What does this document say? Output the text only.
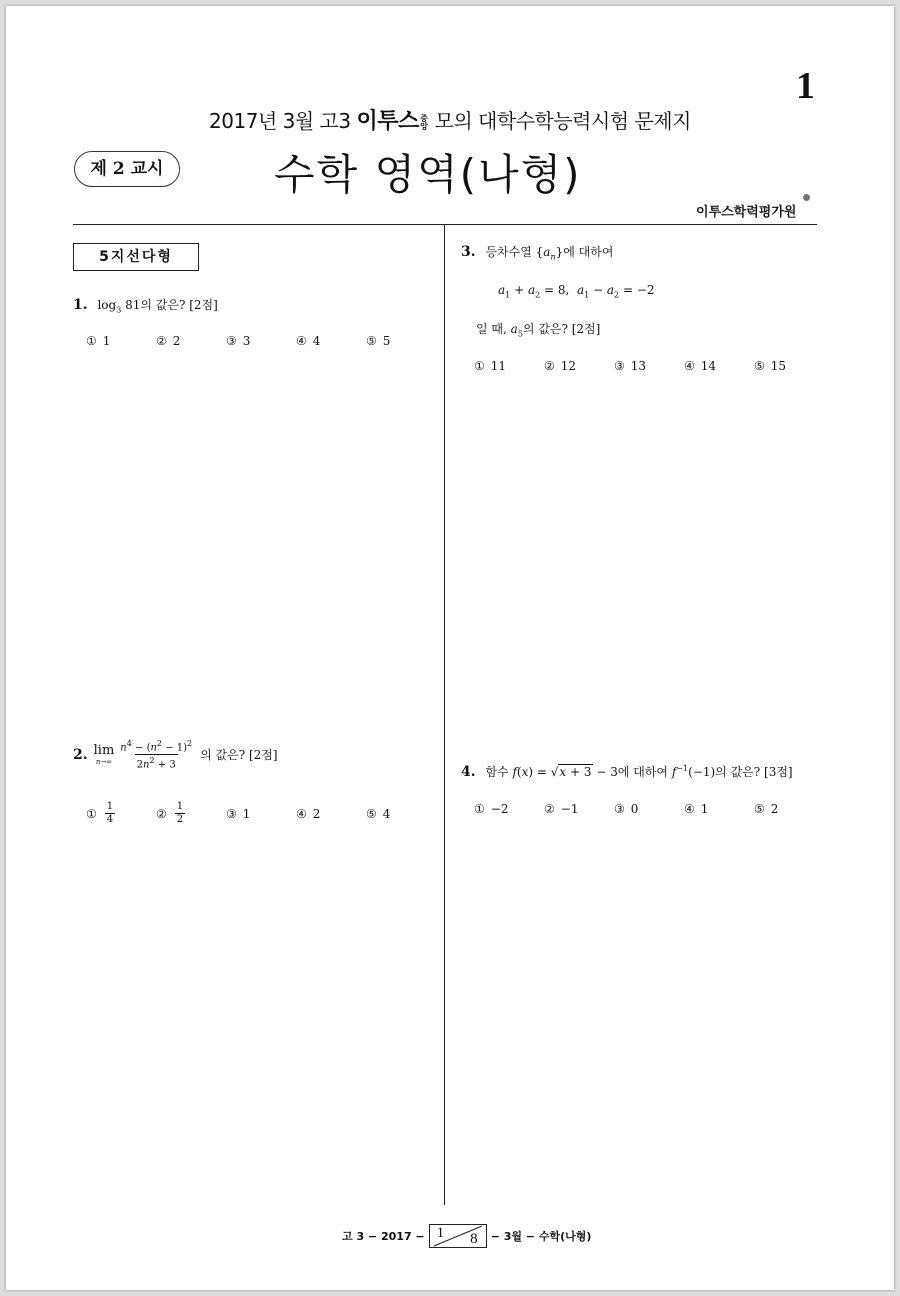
1
2017년 3월 고3 이투스중앙 모의 대학수학능력시험 문제지
제 2 교시	수학 영역(나형)
이투스학력평가원
5지선다형
1. $\log_3 81$의 값은? [2점]
① 1	② 2	③ 3	④ 4	⑤ 5
2. lim
$n\to\infty \frac{n^4 - (n^2 - 1)^2}{2n^2 + 3}$ 의 값은? [2점]
① $\frac{1}{4}$	② $\frac{1}{2}$	③ 1	④ 2	⑤ 4
3. 등차수열 $\{a_n\}$에 대하여
$a_1 + a_2 = 8$,  $a_1 - a_2 = -2$
일 때, $a_5$의 값은? [2점]
① 11	② 12	③ 13	④ 14	⑤ 15
4. 함수 f(x) = √x + 3 − 3에 대하여 $f^{-1}(-1)$의 값은? [3점]
① −2	② −1	③ 0	④ 1	⑤ 2
고 3 − 2017 − 1 8 − 3월 − 수학(나형)
